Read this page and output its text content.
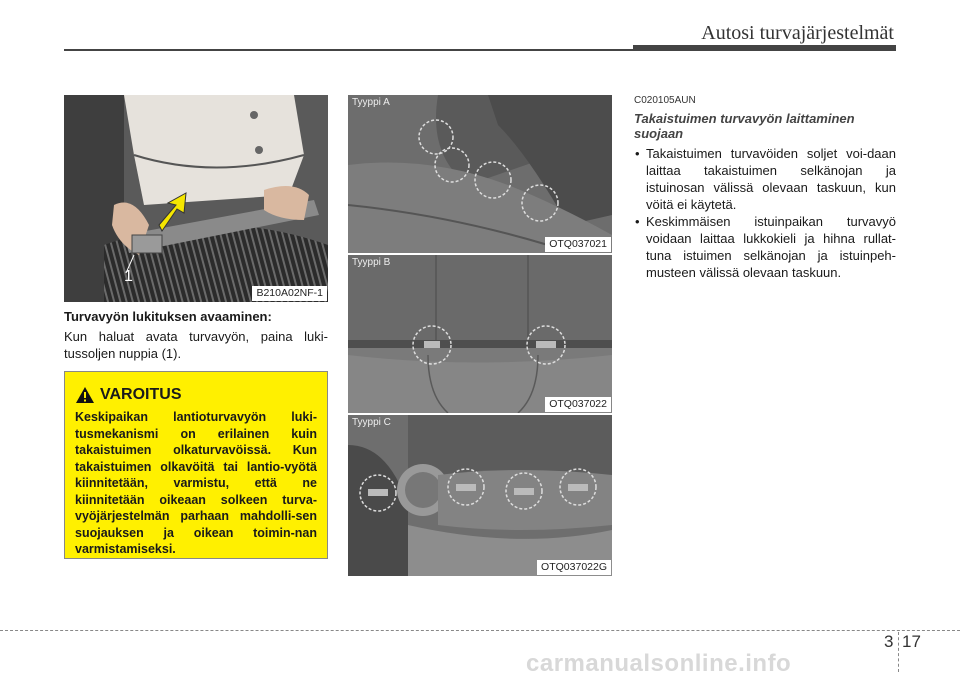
Autosi turvajärjestelmät
1
B210A02NF-1
Turvavyön lukituksen avaaminen:
Kun haluat avata turvavyön, paina luki-tussoljen nuppia (1).
VAROITUS
Keskipaikan lantioturvavyön luki-tusmekanismi on erilainen kuin takaistuimen olkaturvavöissä. Kun takaistuimen olkavöitä tai lantio-vyötä kiinnitetään, varmistu, että ne kiinnitetään oikeaan solkeen turva-vyöjärjestelmän parhaan mahdolli-sen suojauksen ja oikean toimin-nan varmistamiseksi.
Tyyppi A
OTQ037021
Tyyppi B
OTQ037022
Tyyppi C
OTQ037022G
C020105AUN
Takaistuimen turvavyön laittaminen suojaan
• Takaistuimen turvavöiden soljet voi-daan laittaa takaistuimen selkänojan ja istuinosan välissä olevaan taskuun, kun vöitä ei käytetä.
• Keskimmäisen istuinpaikan turvavyö voidaan laittaa lukkokieli ja hihna rullat-tuna istuimen selkänojan ja istuinpeh-musteen välissä olevaan taskuun.
3 17
carmanualsonline.info
